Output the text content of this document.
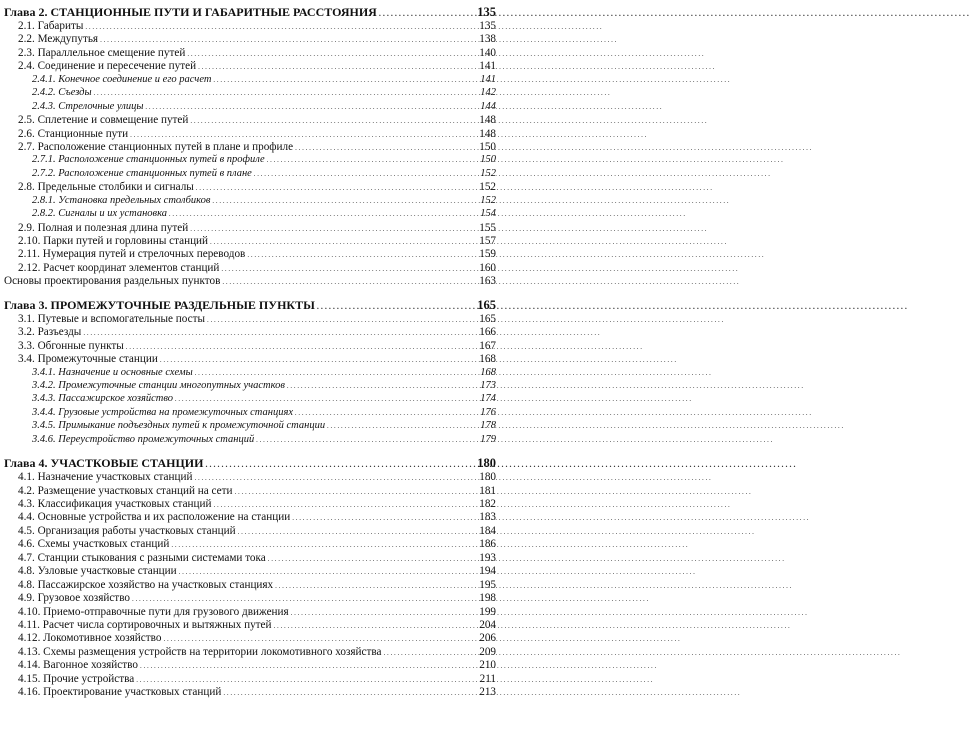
Глава 2. СТАНЦИОННЫЕ ПУТИ И ГАБАРИТНЫЕ РАССТОЯНИЯ . . .	135
2.1. Габариты . . .	135
2.2. Междупутья . . .	138
2.3. Параллельное смещение путей . . .	140
2.4. Соединение и пересечение путей . . .	141
2.4.1. Конечное соединение и его расчет . . .	141
2.4.2. Съезды . . .	142
2.4.3. Стрелочные улицы . . .	144
2.5. Сплетение и совмещение путей . . .	148
2.6. Станционные пути . . .	148
2.7. Расположение станционных путей в плане и профиле . . .	150
2.7.1. Расположение станционных путей в профиле . . .	150
2.7.2. Расположение станционных путей в плане . . .	152
2.8. Предельные столбики и сигналы . . .	152
2.8.1. Установка предельных столбиков . . .	152
2.8.2. Сигналы и их установка . . .	154
2.9. Полная и полезная длина путей . . .	155
2.10. Парки путей и горловины станций . . .	157
2.11. Нумерация путей и стрелочных переводов . . .	159
2.12. Расчет координат элементов станций . . .	160
Основы проектирования раздельных пунктов . . .	163
Глава 3. ПРОМЕЖУТОЧНЫЕ РАЗДЕЛЬНЫЕ ПУНКТЫ . . .	165
3.1. Путевые и вспомогательные посты . . .	165
3.2. Разъезды . . .	166
3.3. Обгонные пункты . . .	167
3.4. Промежуточные станции . . .	168
3.4.1. Назначение и основные схемы . . .	168
3.4.2. Промежуточные станции многопутных участков . . .	173
3.4.3. Пассажирское хозяйство . . .	174
3.4.4. Грузовые устройства на промежуточных станциях . . .	176
3.4.5. Примыкание подъездных путей к промежуточной станции . . .	178
3.4.6. Переустройство промежуточных станций . . .	179
Глава 4. УЧАСТКОВЫЕ СТАНЦИИ . . .	180
4.1. Назначение участковых станций . . .	180
4.2. Размещение участковых станций на сети . . .	181
4.3. Классификация участковых станций . . .	182
4.4. Основные устройства и их расположение на станции . . .	183
4.5. Организация работы участковых станций . . .	184
4.6. Схемы участковых станций . . .	186
4.7. Станции стыкования с разными системами тока . . .	193
4.8. Узловые участковые станции . . .	194
4.8. Пассажирское хозяйство на участковых станциях . . .	195
4.9. Грузовое хозяйство . . .	198
4.10. Приемо-отправочные пути для грузового движения . . .	199
4.11. Расчет числа сортировочных и вытяжных путей . . .	204
4.12. Локомотивное хозяйство . . .	206
4.13. Схемы размещения устройств на территории локомотивного хозяйства . . .	209
4.14. Вагонное хозяйство . . .	210
4.15. Прочие устройства . . .	211
4.16. Проектирование участковых станций . . .	213
